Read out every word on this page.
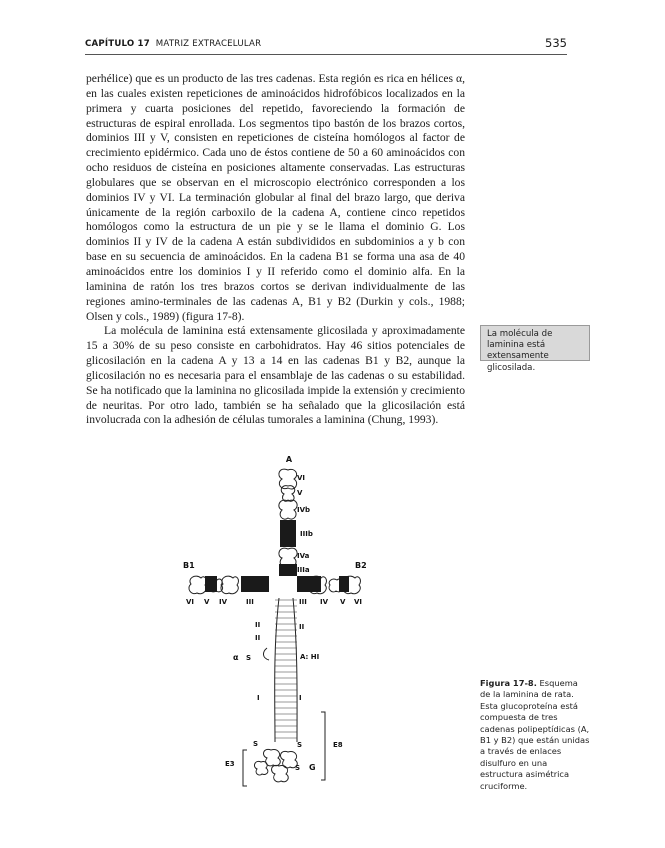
CAPÍTULO 17 MATRIZ EXTRACELULAR	535

perhélice) que es un producto de las tres cadenas. Esta región es rica en hélices α, en las cuales existen repeticiones de aminoácidos hidrofóbicos localizados en la primera y cuarta posiciones del repetido, favoreciendo la formación de estructuras de espiral enrollada. Los segmentos tipo bastón de los brazos cortos, dominios III y V, consisten en repeticiones de cisteína homólogos al factor de crecimiento epidérmico. Cada uno de éstos contiene de 50 a 60 aminoácidos con ocho residuos de cisteína en posiciones altamente conservadas. Las estructuras globulares que se observan en el microscopio electrónico corresponden a los dominios IV y VI. La terminación globular al final del brazo largo, que deriva únicamente de la región carboxilo de la cadena A, contiene cinco repetidos homólogos como la estructura de un pie y se le llama el dominio G. Los dominios II y IV de la cadena A están subdivididos en subdominios a y b con base en su secuencia de aminoácidos. En la cadena B1 se forma una asa de 40 aminoácidos entre los dominios I y II referido como el dominio alfa. En la laminina de ratón los tres brazos cortos se derivan individualmente de las regiones amino-terminales de las cadenas A, B1 y B2 (Durkin y cols., 1988; Olsen y cols., 1989) (figura 17-8).

La molécula de laminina está extensamente glicosilada y aproximadamente 15 a 30% de su peso consiste en carbohidratos. Hay 46 sitios potenciales de glicosilación en la cadena A y 13 a 14 en las cadenas B1 y B2, aunque la glicosilación no es necesaria para el ensamblaje de las cadenas o su estabilidad. Se ha notificado que la laminina no glicosilada impide la extensión y crecimiento de neuritas. Por otro lado, también se ha señalado que la glicosilación está involucrada con la adhesión de células tumorales a laminina (Chung, 1993).

La molécula de laminina está extensamente glicosilada.
A
VI
V
IVb
IIIb
IVa
IIIa
B1	B2
VI V IV	III	III IV V VI
II
II
II
α S	A: HI
I	I
S	S	E8
E3	S G
Figura 17-8. Esquema de la laminina de rata. Esta glucoproteína está compuesta de tres cadenas polipeptídicas (A, B1 y B2) que están unidas a través de enlaces disulfuro en una estructura asimétrica cruciforme.
